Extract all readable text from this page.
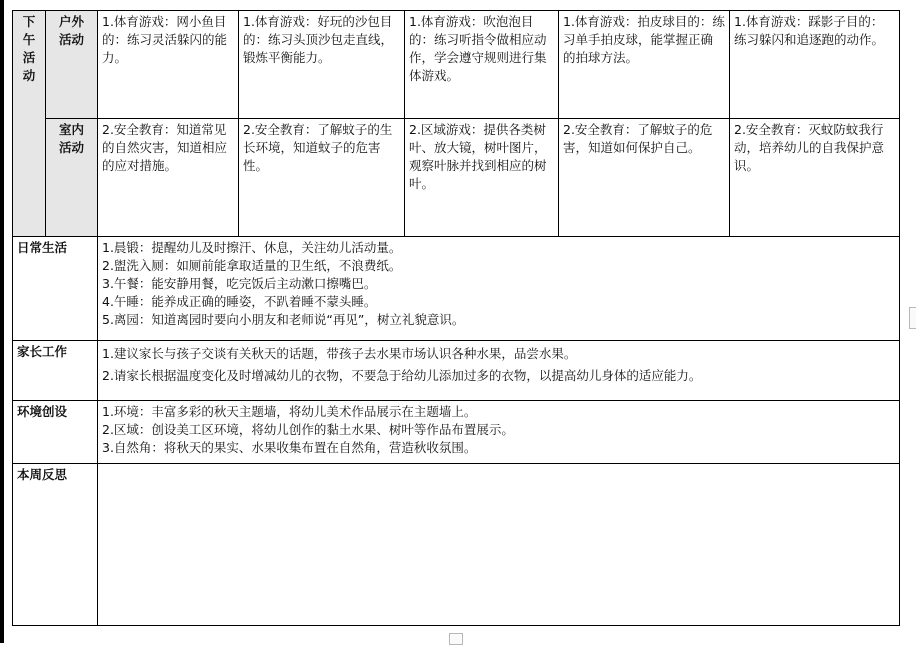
下午活动	户外活动	1.体育游戏：网小鱼目的：练习灵活躲闪的能力。	1.体育游戏：好玩的沙包目的：练习头顶沙包走直线，锻炼平衡能力。	1.体育游戏：吹泡泡目的：练习听指令做相应动作，学会遵守规则进行集体游戏。	1.体育游戏：拍皮球目的：练习单手拍皮球，能掌握正确的拍球方法。	1.体育游戏：踩影子目的：练习躲闪和追逐跑的动作。

	室内活动	2.安全教育：知道常见的自然灾害，知道相应的应对措施。	2.安全教育：了解蚊子的生长环境，知道蚊子的危害性。	2.区域游戏：提供各类树叶、放大镜，树叶图片，观察叶脉并找到相应的树叶。	2.安全教育：了解蚊子的危害，知道如何保护自己。	2.安全教育：灭蚊防蚊我行动，培养幼儿的自我保护意识。

日常生活		1.晨锻：提醒幼儿及时擦汗、休息，关注幼儿活动量。

2.盥洗入厕：如厕前能拿取适量的卫生纸，不浪费纸。

3.午餐：能安静用餐，吃完饭后主动漱口擦嘴巴。

4.午睡：能养成正确的睡姿，不趴着睡不蒙头睡。

5.离园：知道离园时要向小朋友和老师说“再见”，树立礼貌意识。				

家长工作		1.建议家长与孩子交谈有关秋天的话题，带孩子去水果市场认识各种水果，品尝水果。

2.请家长根据温度变化及时增减幼儿的衣物，不要急于给幼儿添加过多的衣物，以提高幼儿身体的适应能力。				

环境创设		1.环境：丰富多彩的秋天主题墙，将幼儿美术作品展示在主题墙上。

2.区域：创设美工区环境，将幼儿创作的黏土水果、树叶等作品布置展示。

3.自然角：将秋天的果实、水果收集布置在自然角，营造秋收氛围。				

本周反思						
